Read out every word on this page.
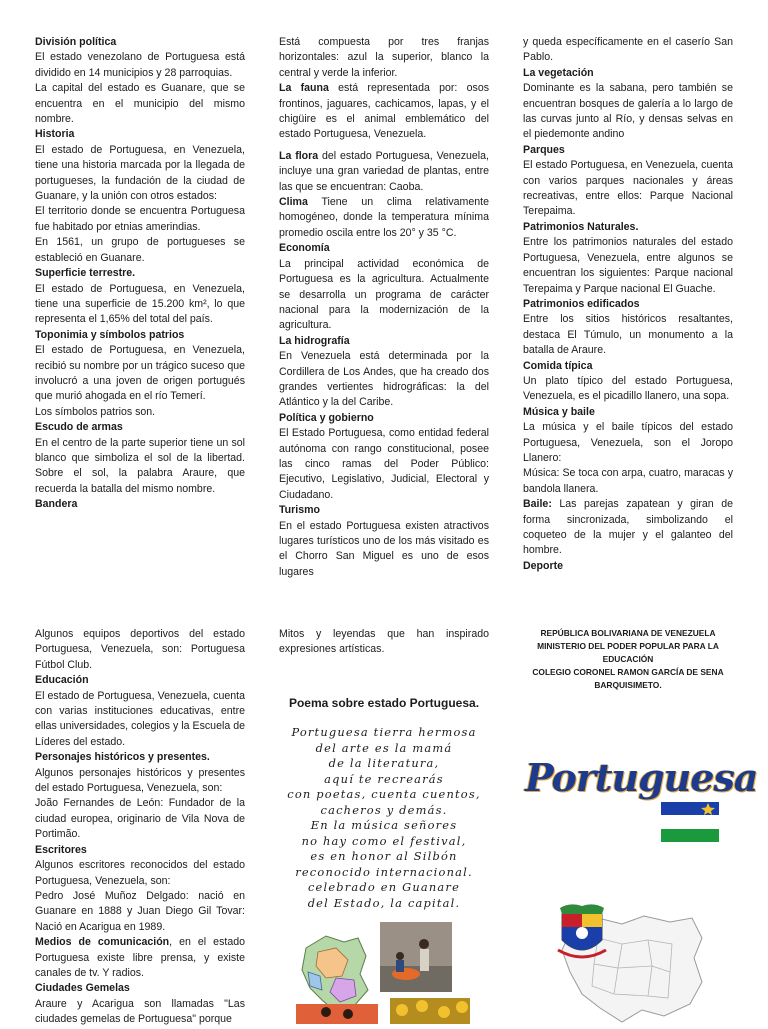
División política

El estado venezolano de Portuguesa está dividido en 14 municipios y 28 parroquias.

La capital del estado es Guanare, que se encuentra en el municipio del mismo nombre.

Historia

El estado de Portuguesa, en Venezuela, tiene una historia marcada por la llegada de portugueses, la fundación de la ciudad de Guanare, y la unión con otros estados:

El territorio donde se encuentra Portuguesa fue habitado por etnias amerindias.

En 1561, un grupo de portugueses se estableció en Guanare.

Superficie terrestre.

El estado de Portuguesa, en Venezuela, tiene una superficie de 15.200 km², lo que representa el 1,65% del total del país.

Toponimia y símbolos patrios

El estado de Portuguesa, en Venezuela, recibió su nombre por un trágico suceso que involucró a una joven de origen portugués que murió ahogada en el río Temerí.

Los símbolos patrios son.

Escudo de armas

En el centro de la parte superior tiene un sol blanco que simboliza el sol de la libertad. Sobre el sol, la palabra Araure, que recuerda la batalla del mismo nombre.

Bandera

Está compuesta por tres franjas horizontales: azul la superior, blanco la central y verde la inferior.

La fauna está representada por: osos frontinos, jaguares, cachicamos, lapas, y el chigüire es el animal emblemático del estado Portuguesa, Venezuela.

La flora del estado Portuguesa, Venezuela, incluye una gran variedad de plantas, entre las que se encuentran: Caoba.

Clima Tiene un clima relativamente homogéneo, donde la temperatura mínima promedio oscila entre los 20° y 35 °C.

Economía

La principal actividad económica de Portuguesa es la agricultura. Actualmente se desarrolla un programa de carácter nacional para la modernización de la agricultura.

La hidrografía

En Venezuela está determinada por la Cordillera de Los Andes, que ha creado dos grandes vertientes hidrográficas: la del Atlántico y la del Caribe.

Política y gobierno

El Estado Portuguesa, como entidad federal autónoma con rango constitucional, posee las cinco ramas del Poder Público: Ejecutivo, Legislativo, Judicial, Electoral y Ciudadano.

Turismo

En el estado Portuguesa existen atractivos lugares turísticos uno de los más visitado es el Chorro San Miguel es uno de esos lugares

y queda específicamente en el caserío San Pablo.

La vegetación

Dominante es la sabana, pero también se encuentran bosques de galería a lo largo de las curvas junto al Río, y densas selvas en el piedemonte andino

Parques

El estado Portuguesa, en Venezuela, cuenta con varios parques nacionales y áreas recreativas, entre ellos: Parque Nacional Terepaima.

Patrimonios Naturales.

Entre los patrimonios naturales del estado Portuguesa, Venezuela, entre algunos se encuentran los siguientes: Parque nacional Terepaima y Parque nacional El Guache.

Patrimonios edificados

Entre los sitios históricos resaltantes, destaca El Túmulo, un monumento a la batalla de Araure.

Comida típica

Un plato típico del estado Portuguesa, Venezuela, es el picadillo llanero, una sopa.

Música y baile

La música y el baile típicos del estado Portuguesa, Venezuela, son el Joropo Llanero:

Música: Se toca con arpa, cuatro, maracas y bandola llanera.

Baile: Las parejas zapatean y giran de forma sincronizada, simbolizando el coqueteo de la mujer y el galanteo del hombre.

Deporte

Algunos equipos deportivos del estado Portuguesa, Venezuela, son: Portuguesa Fútbol Club.

Educación

El estado de Portuguesa, Venezuela, cuenta con varias instituciones educativas, entre ellas universidades, colegios y la Escuela de Líderes del estado.

Personajes históricos y presentes.

Algunos personajes históricos y presentes del estado Portuguesa, Venezuela, son:

João Fernandes de León: Fundador de la ciudad europea, originario de Vila Nova de Portimão.

Escritores

Algunos escritores reconocidos del estado Portuguesa, Venezuela, son:

Pedro José Muñoz Delgado: nació en Guanare en 1888 y Juan Diego Gil Tovar: Nació en Acarigua en 1989.

Medios de comunicación, en el estado Portuguesa existe libre prensa, y existe canales de tv. Y radios.

Ciudades Gemelas

Araure y Acarigua son llamadas "Las ciudades gemelas de Portuguesa" porque

Mitos y leyendas que han inspirado expresiones artísticas.

Poema sobre estado Portuguesa.
Portuguesa tierra hermosa
del arte es la mamá
de la literatura,
aquí te recrearás
con poetas, cuenta cuentos,
cacheros y demás.
En la música señores
no hay como el festival,
es en honor al Silbón
reconocido internacional.
celebrado en Guanare
del Estado, la capital.
REPÚBLICA BOLIVARIANA DE VENEZUELA
MINISTERIO DEL PODER POPULAR PARA LA EDUCACIÓN
COLEGIO CORONEL RAMON GARCÍA DE SENA
BARQUISIMETO.
Portuguesa
